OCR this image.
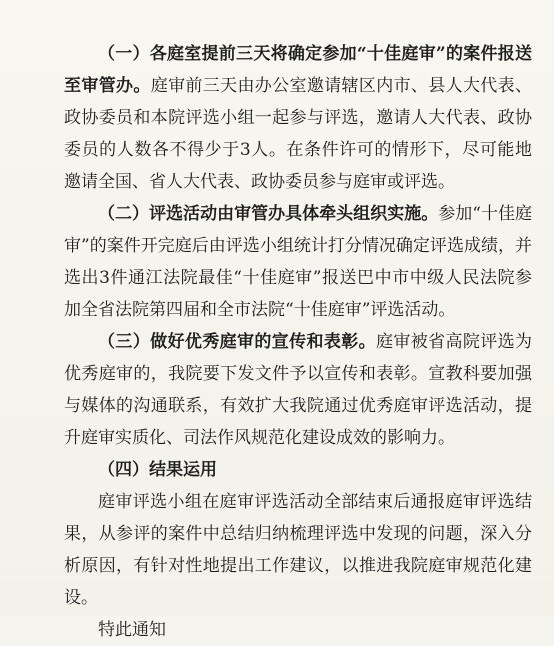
（一）各庭室提前三天将确定参加“十佳庭审”的案件报送至审管办。庭审前三天由办公室邀请辖区内市、县人大代表、政协委员和本院评选小组一起参与评选，邀请人大代表、政协委员的人数各不得少于3人。在条件许可的情形下，尽可能地邀请全国、省人大代表、政协委员参与庭审或评选。

（二）评选活动由审管办具体牵头组织实施。参加“十佳庭审”的案件开完庭后由评选小组统计打分情况确定评选成绩，并选出3件通江法院最佳“十佳庭审”报送巴中市中级人民法院参加全省法院第四届和全市法院“十佳庭审”评选活动。

（三）做好优秀庭审的宣传和表彰。庭审被省高院评选为优秀庭审的，我院要下发文件予以宣传和表彰。宣教科要加强与媒体的沟通联系，有效扩大我院通过优秀庭审评选活动，提升庭审实质化、司法作风规范化建设成效的影响力。

（四）结果运用

庭审评选小组在庭审评选活动全部结束后通报庭审评选结果，从参评的案件中总结归纳梳理评选中发现的问题，深入分析原因，有针对性地提出工作建议，以推进我院庭审规范化建设。

特此通知
